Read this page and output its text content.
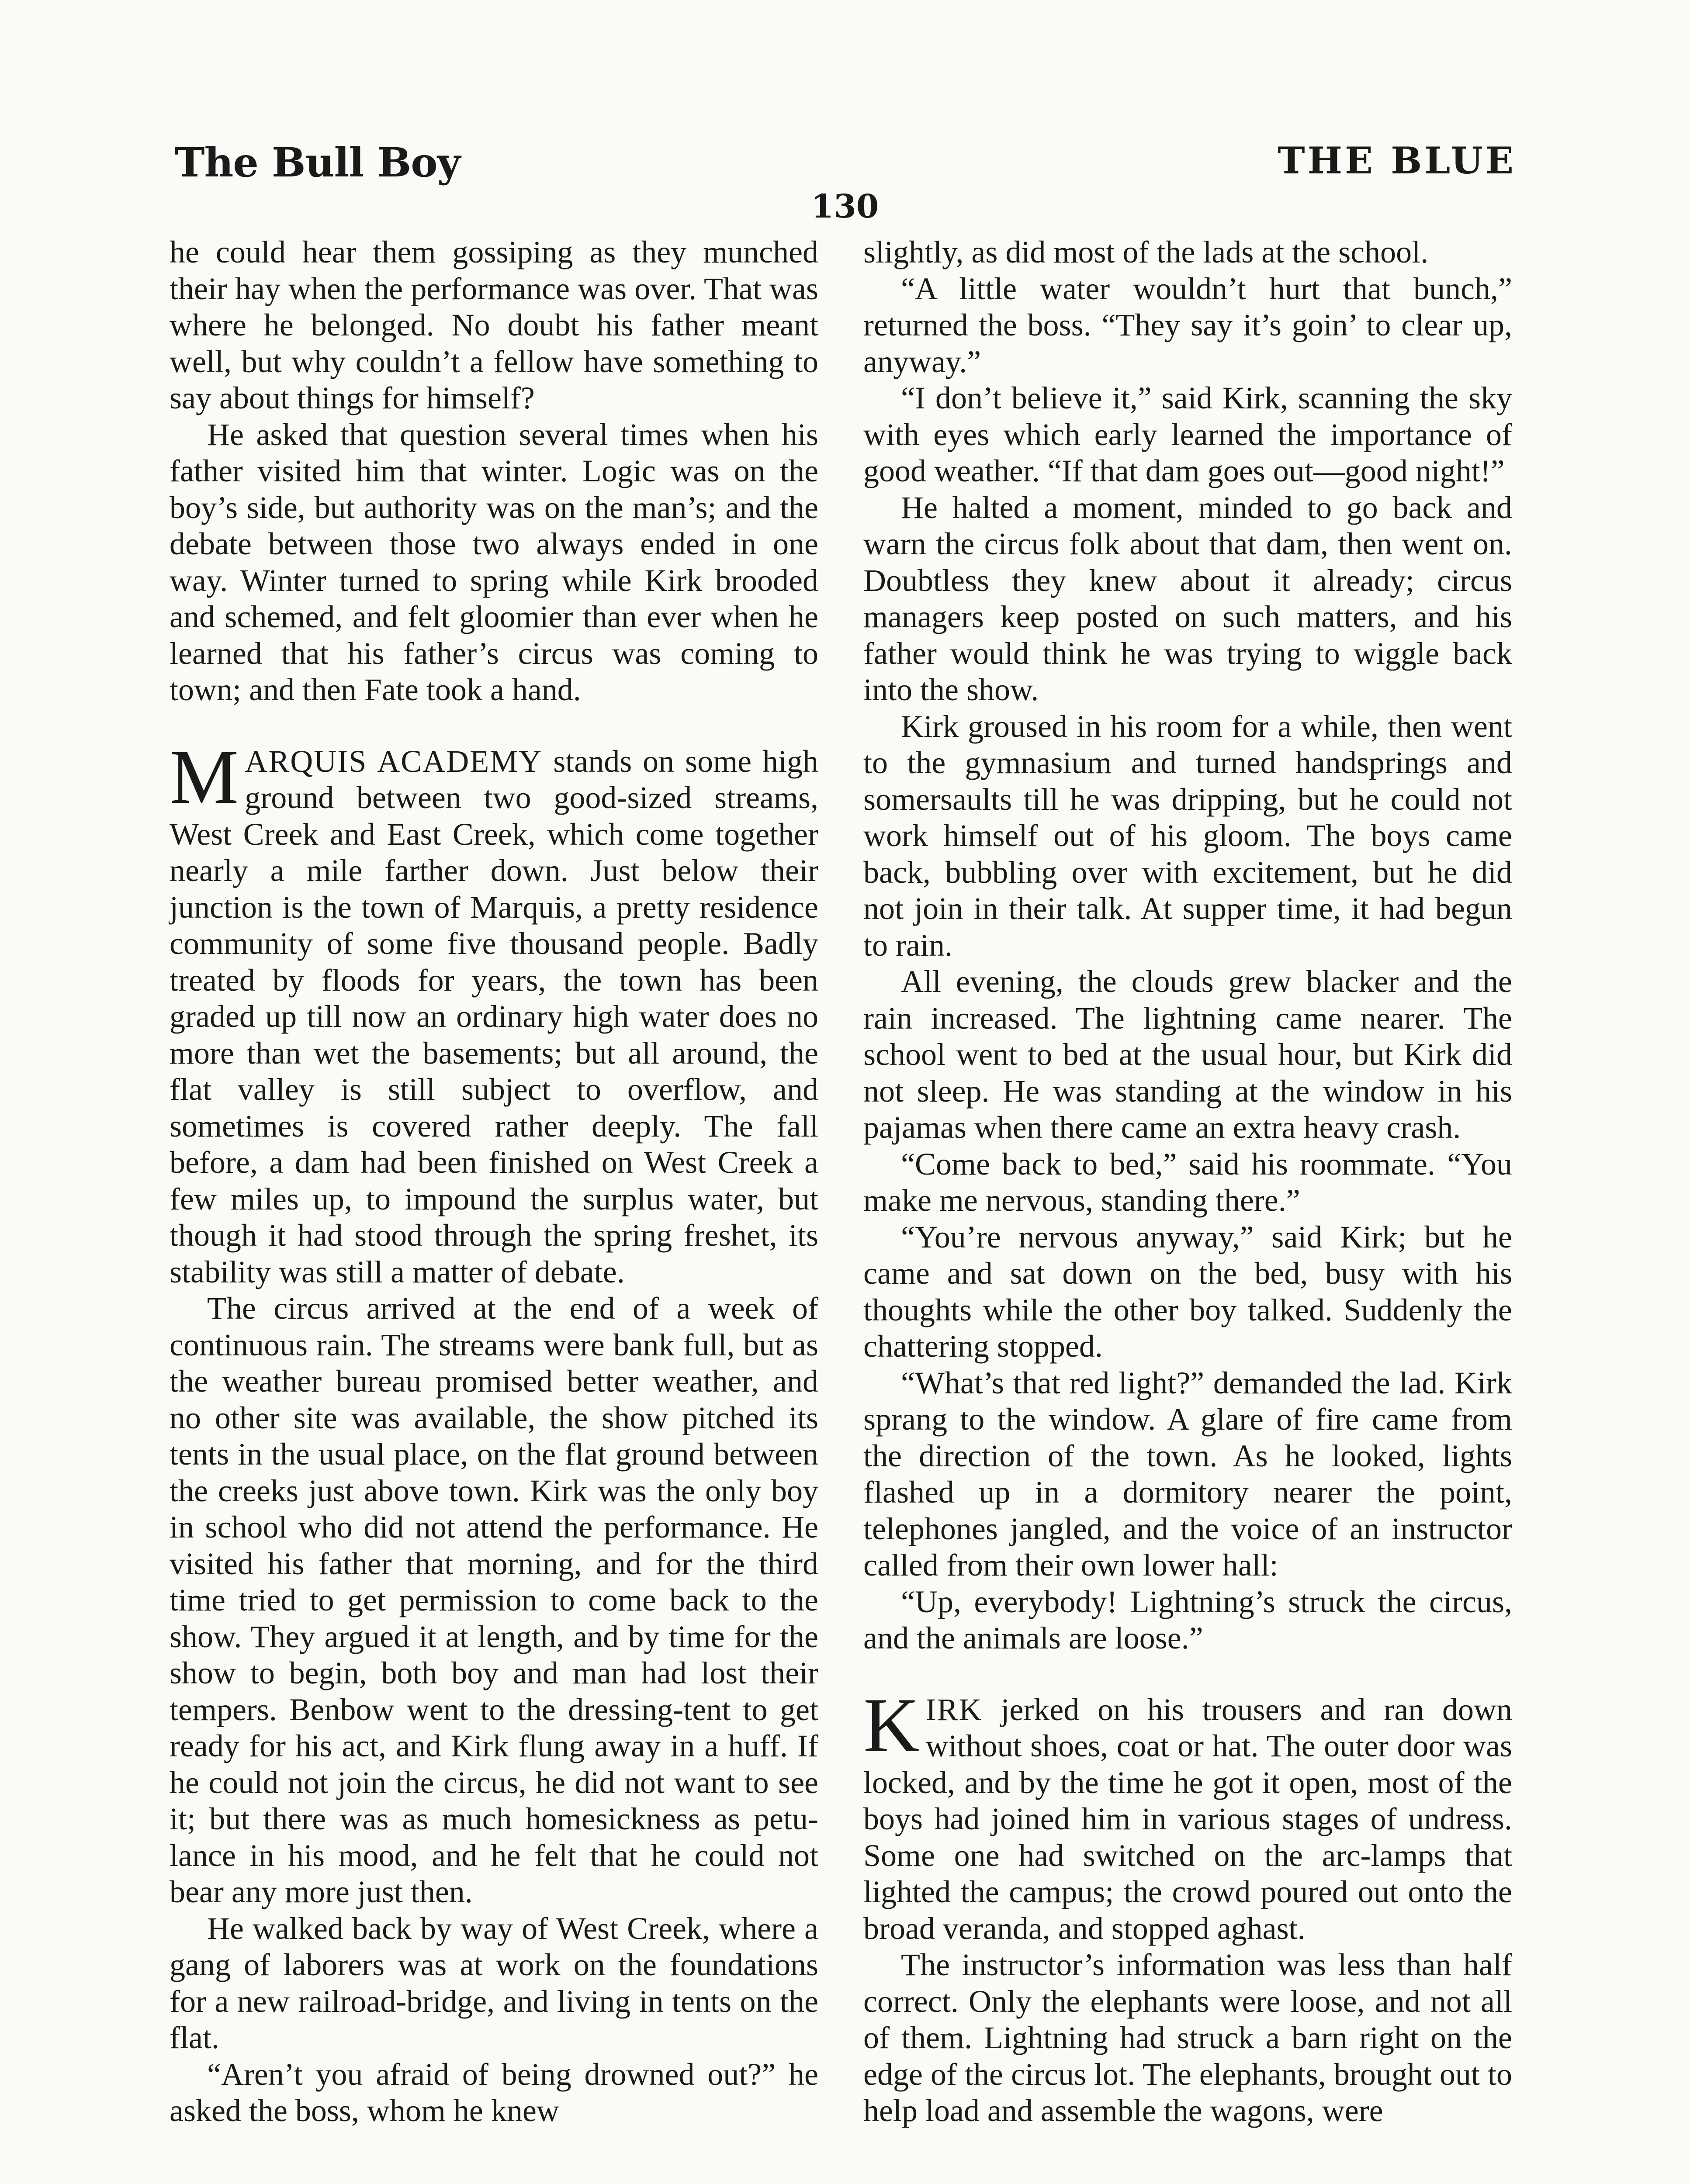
The Bull Boy	THE BLUE
130

he could hear them gossiping as they munched their hay when the performance was over. That was where he belonged. No doubt his father meant well, but why couldn’t a fellow have something to say about things for himself?

He asked that question several times when his father visited him that winter. Logic was on the boy’s side, but authority was on the man’s; and the debate between those two always ended in one way. Winter turned to spring while Kirk brooded and schemed, and felt gloomier than ever when he learned that his father’s circus was coming to town; and then Fate took a hand.

MARQUIS ACADEMY stands on some high ground between two good-sized streams, West Creek and East Creek, which come together nearly a mile farther down. Just below their junction is the town of Marquis, a pretty residence community of some five thousand people. Badly treated by floods for years, the town has been graded up till now an ordinary high water does no more than wet the basements; but all around, the flat valley is still subject to overflow, and sometimes is covered rather deeply. The fall before, a dam had been finished on West Creek a few miles up, to impound the surplus water, but though it had stood through the spring freshet, its stability was still a matter of debate.

The circus arrived at the end of a week of continuous rain. The streams were bank full, but as the weather bureau promised better weather, and no other site was available, the show pitched its tents in the usual place, on the flat ground between the creeks just above town. Kirk was the only boy in school who did not attend the performance. He visited his father that morning, and for the third time tried to get permission to come back to the show. They argued it at length, and by time for the show to begin, both boy and man had lost their tempers. Benbow went to the dressing-tent to get ready for his act, and Kirk flung away in a huff. If he could not join the circus, he did not want to see it; but there was as much homesickness as petulance in his mood, and he felt that he could not bear any more just then.

He walked back by way of West Creek, where a gang of laborers was at work on the foundations for a new railroad-bridge, and living in tents on the flat.

“Aren’t you afraid of being drowned out?” he asked the boss, whom he knew

slightly, as did most of the lads at the school.

“A little water wouldn’t hurt that bunch,” returned the boss. “They say it’s goin’ to clear up, anyway.”

“I don’t believe it,” said Kirk, scanning the sky with eyes which early learned the importance of good weather. “If that dam goes out—good night!”

He halted a moment, minded to go back and warn the circus folk about that dam, then went on. Doubtless they knew about it already; circus managers keep posted on such matters, and his father would think he was trying to wiggle back into the show.

Kirk groused in his room for a while, then went to the gymnasium and turned handsprings and somersaults till he was dripping, but he could not work himself out of his gloom. The boys came back, bubbling over with excitement, but he did not join in their talk. At supper time, it had begun to rain.

All evening, the clouds grew blacker and the rain increased. The lightning came nearer. The school went to bed at the usual hour, but Kirk did not sleep. He was standing at the window in his pajamas when there came an extra heavy crash.

“Come back to bed,” said his roommate. “You make me nervous, standing there.”

“You’re nervous anyway,” said Kirk; but he came and sat down on the bed, busy with his thoughts while the other boy talked. Suddenly the chattering stopped.

“What’s that red light?” demanded the lad. Kirk sprang to the window. A glare of fire came from the direction of the town. As he looked, lights flashed up in a dormitory nearer the point, telephones jangled, and the voice of an instructor called from their own lower hall:

“Up, everybody! Lightning’s struck the circus, and the animals are loose.”

KIRK jerked on his trousers and ran down without shoes, coat or hat. The outer door was locked, and by the time he got it open, most of the boys had joined him in various stages of undress. Some one had switched on the arc-lamps that lighted the campus; the crowd poured out onto the broad veranda, and stopped aghast.

The instructor’s information was less than half correct. Only the elephants were loose, and not all of them. Lightning had struck a barn right on the edge of the circus lot. The elephants, brought out to help load and assemble the wagons, were
